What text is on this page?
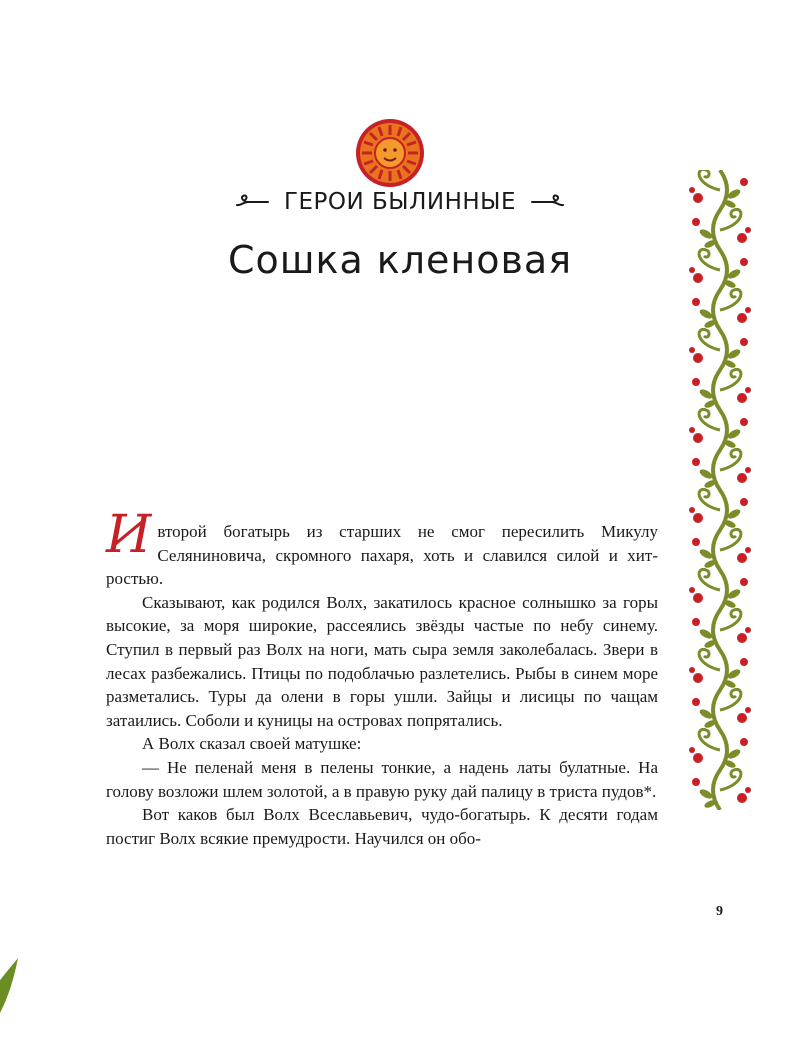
ГЕРОИ БЫЛИННЫЕ
Сошка кленовая

И второй богатырь из старших не смог пересилить Микулу Селяниновича, скромного пахаря, хоть и славился силой и хитростью.

Сказывают, как родился Волх, закатилось красное солнышко за горы высокие, за моря широкие, рассеялись звёзды частые по небу синему. Ступил в первый раз Волх на ноги, мать сыра земля заколебалась. Звери в лесах разбежались. Птицы по подоблачью разлетелись. Рыбы в синем море разметались. Туры да олени в горы ушли. Зайцы и лисицы по чащам затаились. Соболи и куницы на островах попрятались.

А Волх сказал своей матушке:

— Не пеленай меня в пелены тонкие, а надень латы булатные. На голову возложи шлем золотой, а в правую руку дай палицу в триста пудов*.

Вот каков был Волх Всеславьевич, чудо-богатырь. К десяти годам постиг Волх всякие премудрости. Научился он обо-

9
